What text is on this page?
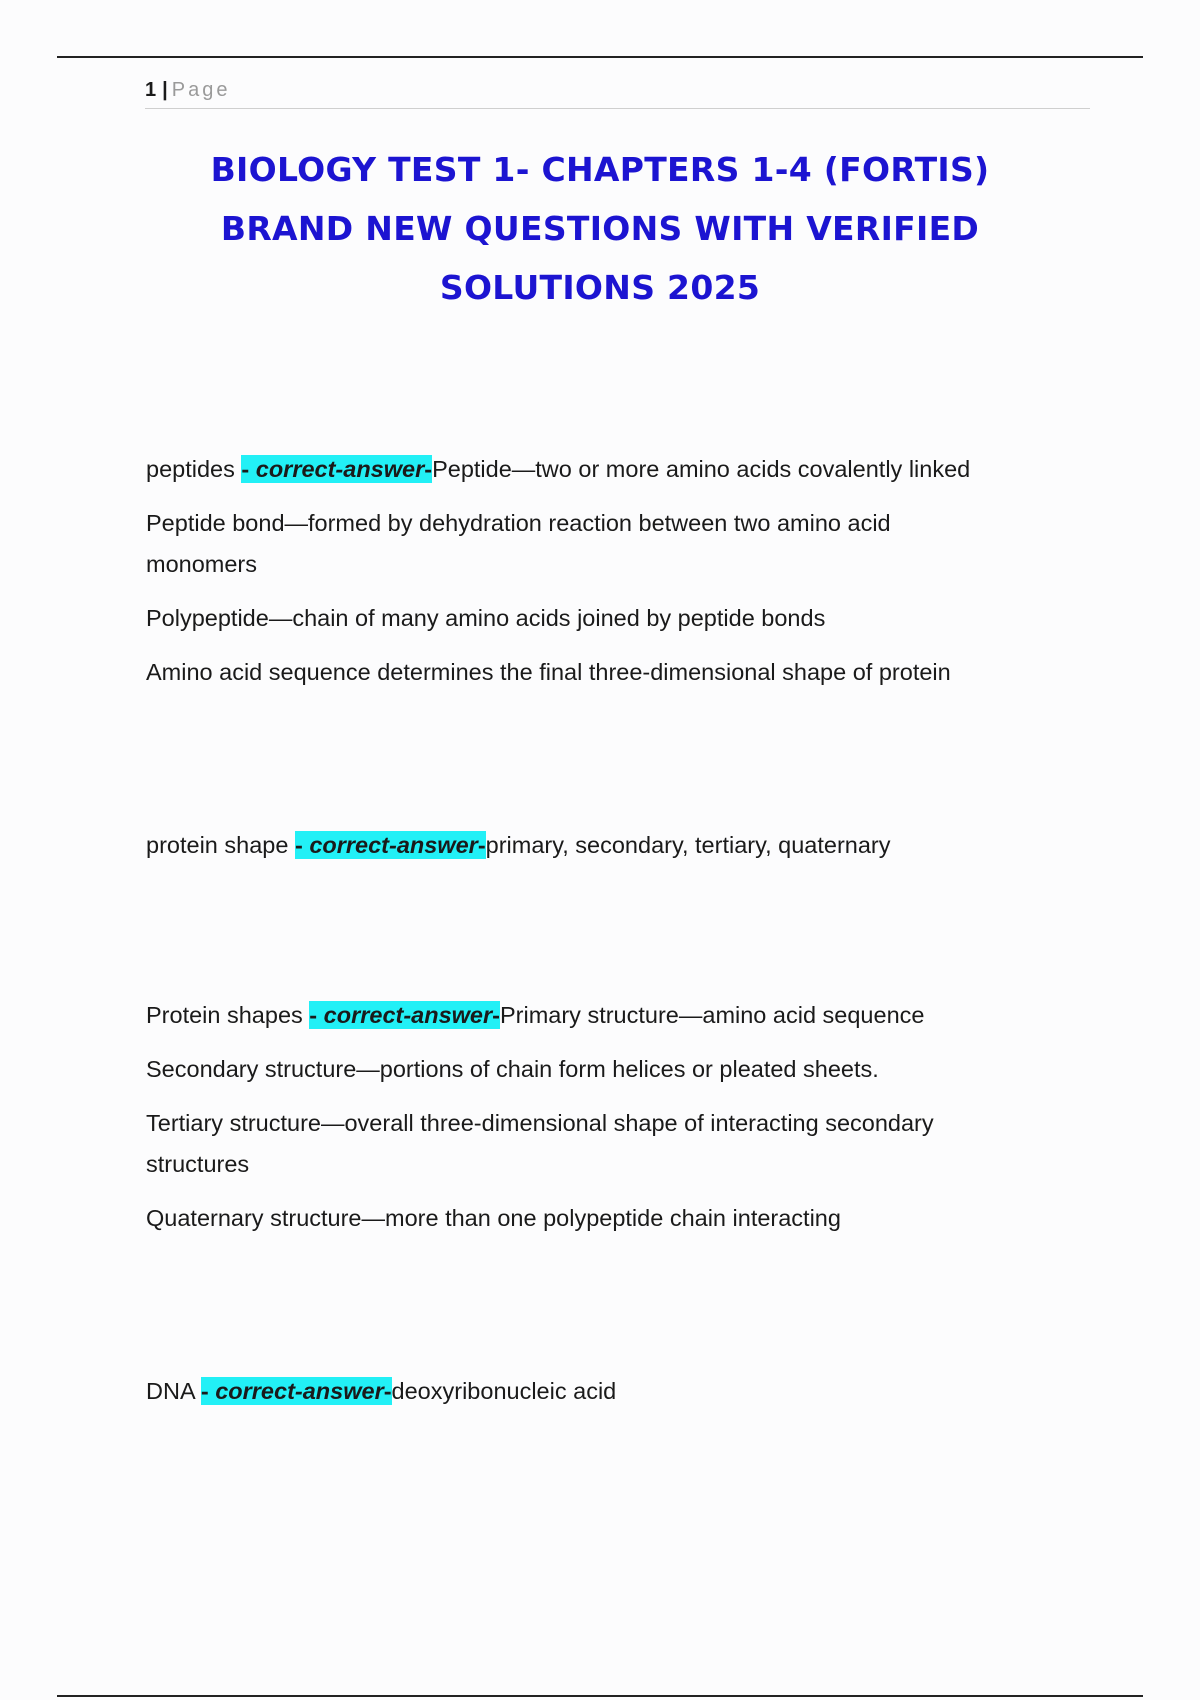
1 | Page
BIOLOGY TEST 1- CHAPTERS 1-4 (FORTIS)
BRAND NEW QUESTIONS WITH VERIFIED
SOLUTIONS 2025
peptides - correct-answer-Peptide—two or more amino acids covalently linked
Peptide bond—formed by dehydration reaction between two amino acid monomers
Polypeptide—chain of many amino acids joined by peptide bonds
Amino acid sequence determines the final three-dimensional shape of protein
protein shape - correct-answer-primary, secondary, tertiary, quaternary
Protein shapes - correct-answer-Primary structure—amino acid sequence
Secondary structure—portions of chain form helices or pleated sheets.
Tertiary structure—overall three-dimensional shape of interacting secondary structures
Quaternary structure—more than one polypeptide chain interacting
DNA - correct-answer-deoxyribonucleic acid
